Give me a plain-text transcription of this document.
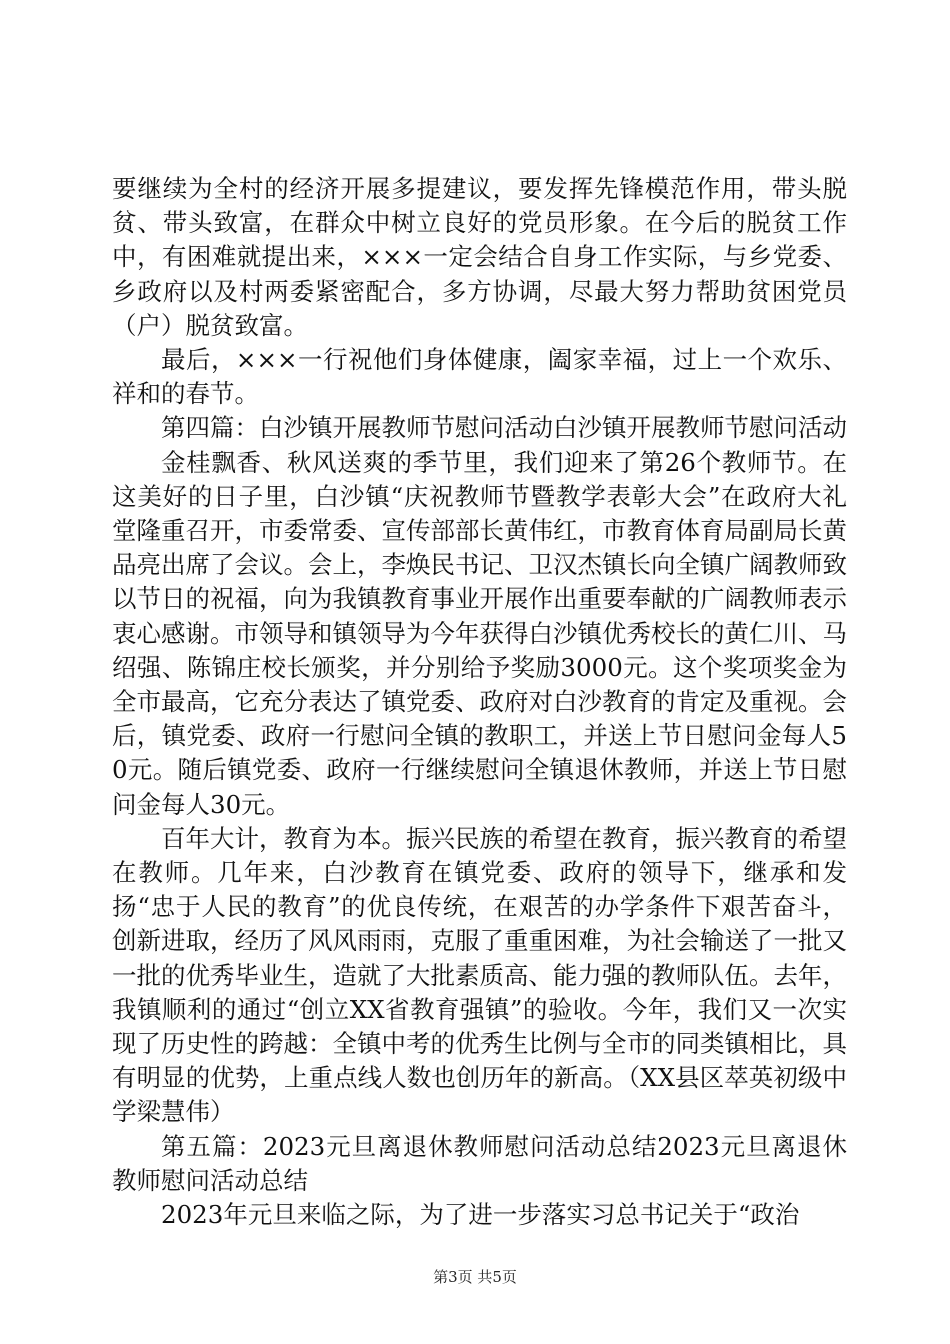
要继续为全村的经济开展多提建议，要发挥先锋模范作用，带头脱贫、带头致富，在群众中树立良好的党员形象。在今后的脱贫工作中，有困难就提出来，×××一定会结合自身工作实际，与乡党委、乡政府以及村两委紧密配合，多方协调，尽最大努力帮助贫困党员（户）脱贫致富。

最后，×××一行祝他们身体健康，阖家幸福，过上一个欢乐、祥和的春节。

第四篇：白沙镇开展教师节慰问活动白沙镇开展教师节慰问活动

金桂飘香、秋风送爽的季节里，我们迎来了第26个教师节。在这美好的日子里，白沙镇“庆祝教师节暨教学表彰大会”在政府大礼堂隆重召开，市委常委、宣传部部长黄伟红，市教育体育局副局长黄品亮出席了会议。会上，李焕民书记、卫汉杰镇长向全镇广阔教师致以节日的祝福，向为我镇教育事业开展作出重要奉献的广阔教师表示衷心感谢。市领导和镇领导为今年获得白沙镇优秀校长的黄仁川、马绍强、陈锦庄校长颁奖，并分别给予奖励3000元。这个奖项奖金为全市最高，它充分表达了镇党委、政府对白沙教育的肯定及重视。会后，镇党委、政府一行慰问全镇的教职工，并送上节日慰问金每人50元。随后镇党委、政府一行继续慰问全镇退休教师，并送上节日慰问金每人30元。

百年大计，教育为本。振兴民族的希望在教育，振兴教育的希望在教师。几年来，白沙教育在镇党委、政府的领导下，继承和发扬“忠于人民的教育”的优良传统，在艰苦的办学条件下艰苦奋斗，创新进取，经历了风风雨雨，克服了重重困难，为社会输送了一批又一批的优秀毕业生，造就了大批素质高、能力强的教师队伍。去年，我镇顺利的通过“创立XX省教育强镇”的验收。今年，我们又一次实现了历史性的跨越：全镇中考的优秀生比例与全市的同类镇相比，具有明显的优势，上重点线人数也创历年的新高。（XX县区萃英初级中学梁慧伟）

第五篇：2023元旦离退休教师慰问活动总结2023元旦离退休教师慰问活动总结

2023年元旦来临之际，为了进一步落实习总书记关于“政治

第3页 共5页
